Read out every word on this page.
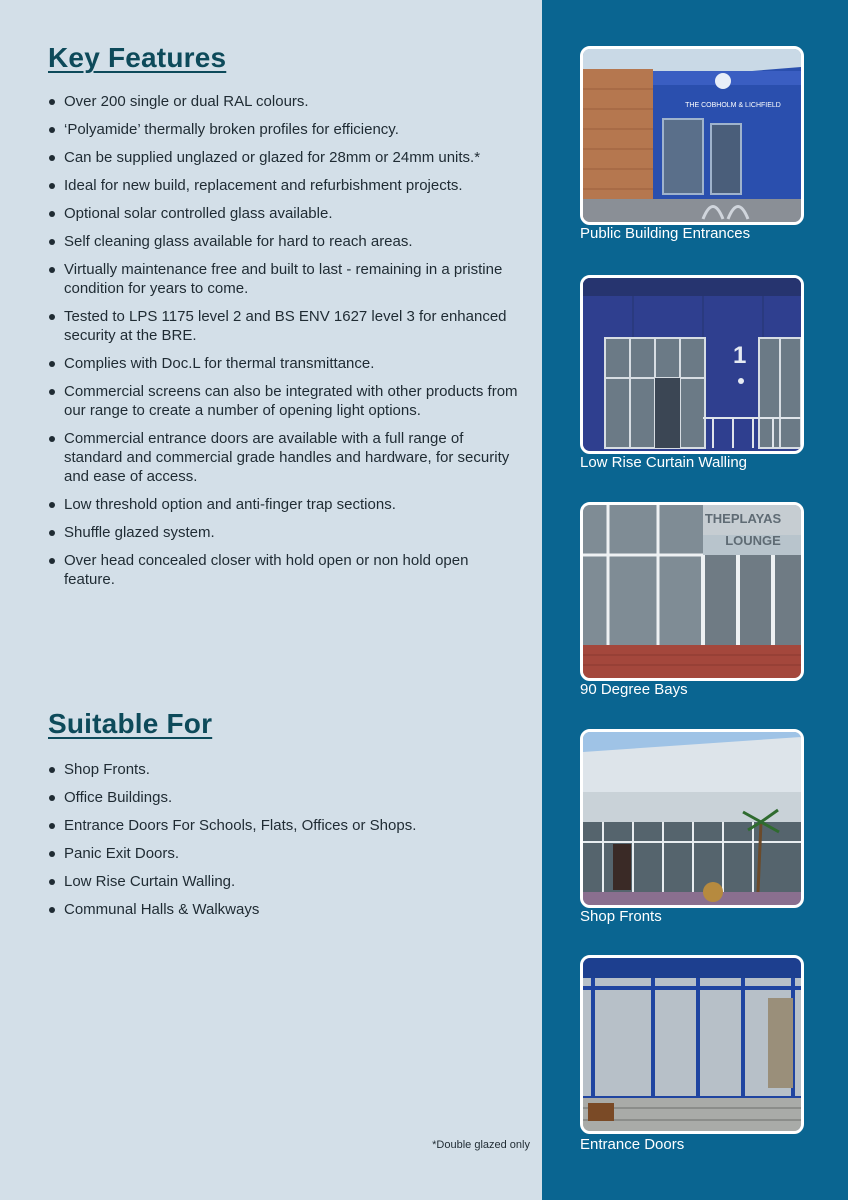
Key Features
Over 200 single or dual RAL colours.
‘Polyamide’ thermally broken profiles for efficiency.
Can be supplied unglazed or glazed for 28mm or 24mm units.*
Ideal for new build, replacement and refurbishment projects.
Optional solar controlled glass available.
Self cleaning glass available for hard to reach areas.
Virtually maintenance free and built to last - remaining in a pristine condition for years to come.
Tested to LPS 1175 level 2 and BS ENV 1627 level 3 for enhanced security at the BRE.
Complies with Doc.L for thermal transmittance.
Commercial screens can also be integrated with other products from our range to create a number of opening light options.
Commercial entrance doors are available with a full range of standard and commercial grade handles and hardware, for security and ease of access.
Low threshold option and anti-finger trap sections.
Shuffle glazed system.
Over head concealed closer with hold open or non hold open feature.
Suitable For
Shop Fronts.
Office Buildings.
Entrance Doors For Schools, Flats, Offices or Shops.
Panic Exit Doors.
Low Rise Curtain Walling.
Communal Halls & Walkways
*Double glazed only
THE COBHOLM & LICHFIELD
Public Building Entrances
1
Low Rise Curtain Walling
THEPLAYAS
LOUNGE
90 Degree Bays
Shop Fronts
Entrance Doors
